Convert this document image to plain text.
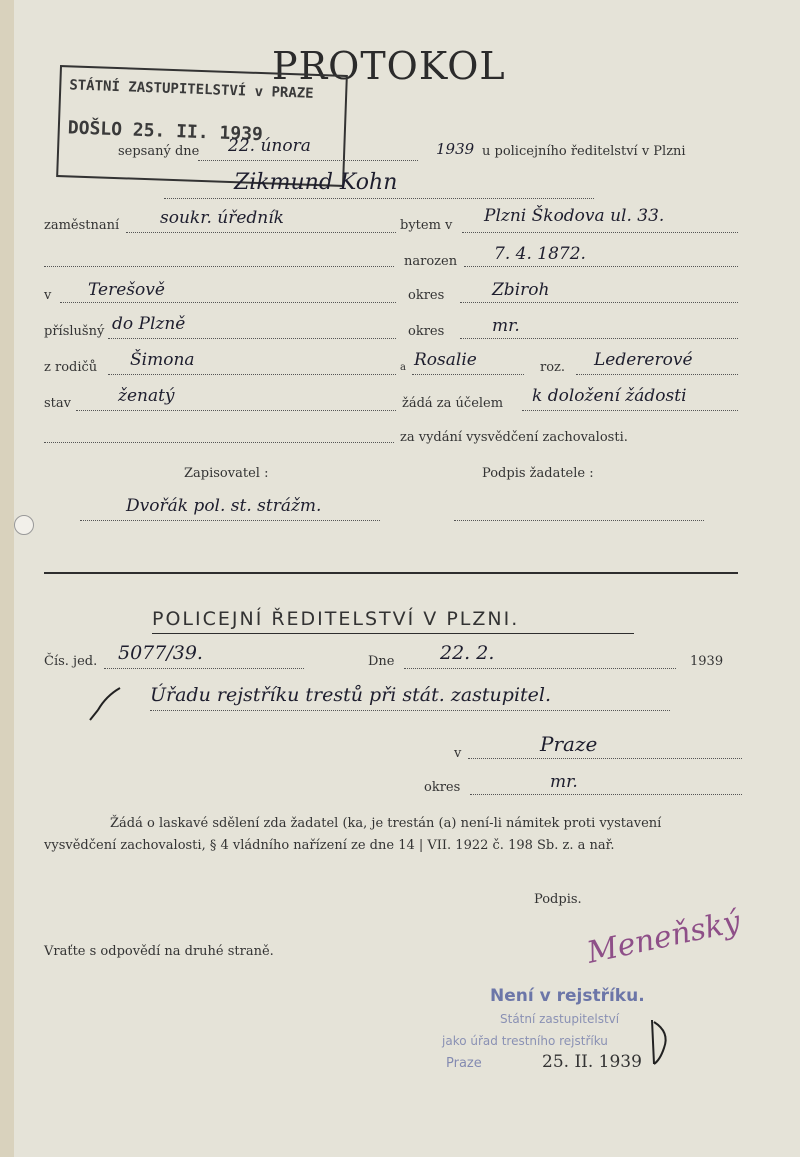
PROTOKOL
STÁTNÍ ZASTUPITELSTVÍ v PRAZE
DOŠLO 25. II. 1939
sepsaný dne 22. února	1939 u policejního ředitelství v Plzni
Zikmund Kohn
zaměstnaní soukr. úředník	bytem v Plzni Škodova ul. 33.
narozen 7. 4. 1872.
v Terešově	okres	Zbiroh
příslušný do Plzně	okres	mr.
z rodičů Šimona	a Rosalie	roz. Ledererové
stav	ženatý	žádá za účelem k doložení žádosti
za vydání vysvědčení zachovalosti.
Zapisovatel :	Podpis žadatele :
Dvořák pol. st. strážm.
POLICEJNÍ ŘEDITELSTVÍ V PLZNI.
Čís. jed. 5077/39.	Dne 22. 2.	1939
Úřadu rejstříku trestů při stát. zastupitel.
v	Praze
okres	mr.
Žádá o laskavé sdělení zda žadatel (ka, je trestán (a) není-li námitek proti vystavení
vysvědčení zachovalosti, § 4 vládního nařízení ze dne 14 | VII. 1922 č. 198 Sb. z. a nař.
Podpis.
Vraťte s odpovědí na druhé straně.	Meneňský
Není v rejstříku.
Státní zastupitelství
jako úřad trestního rejstříku
Praze	25. II. 1939
